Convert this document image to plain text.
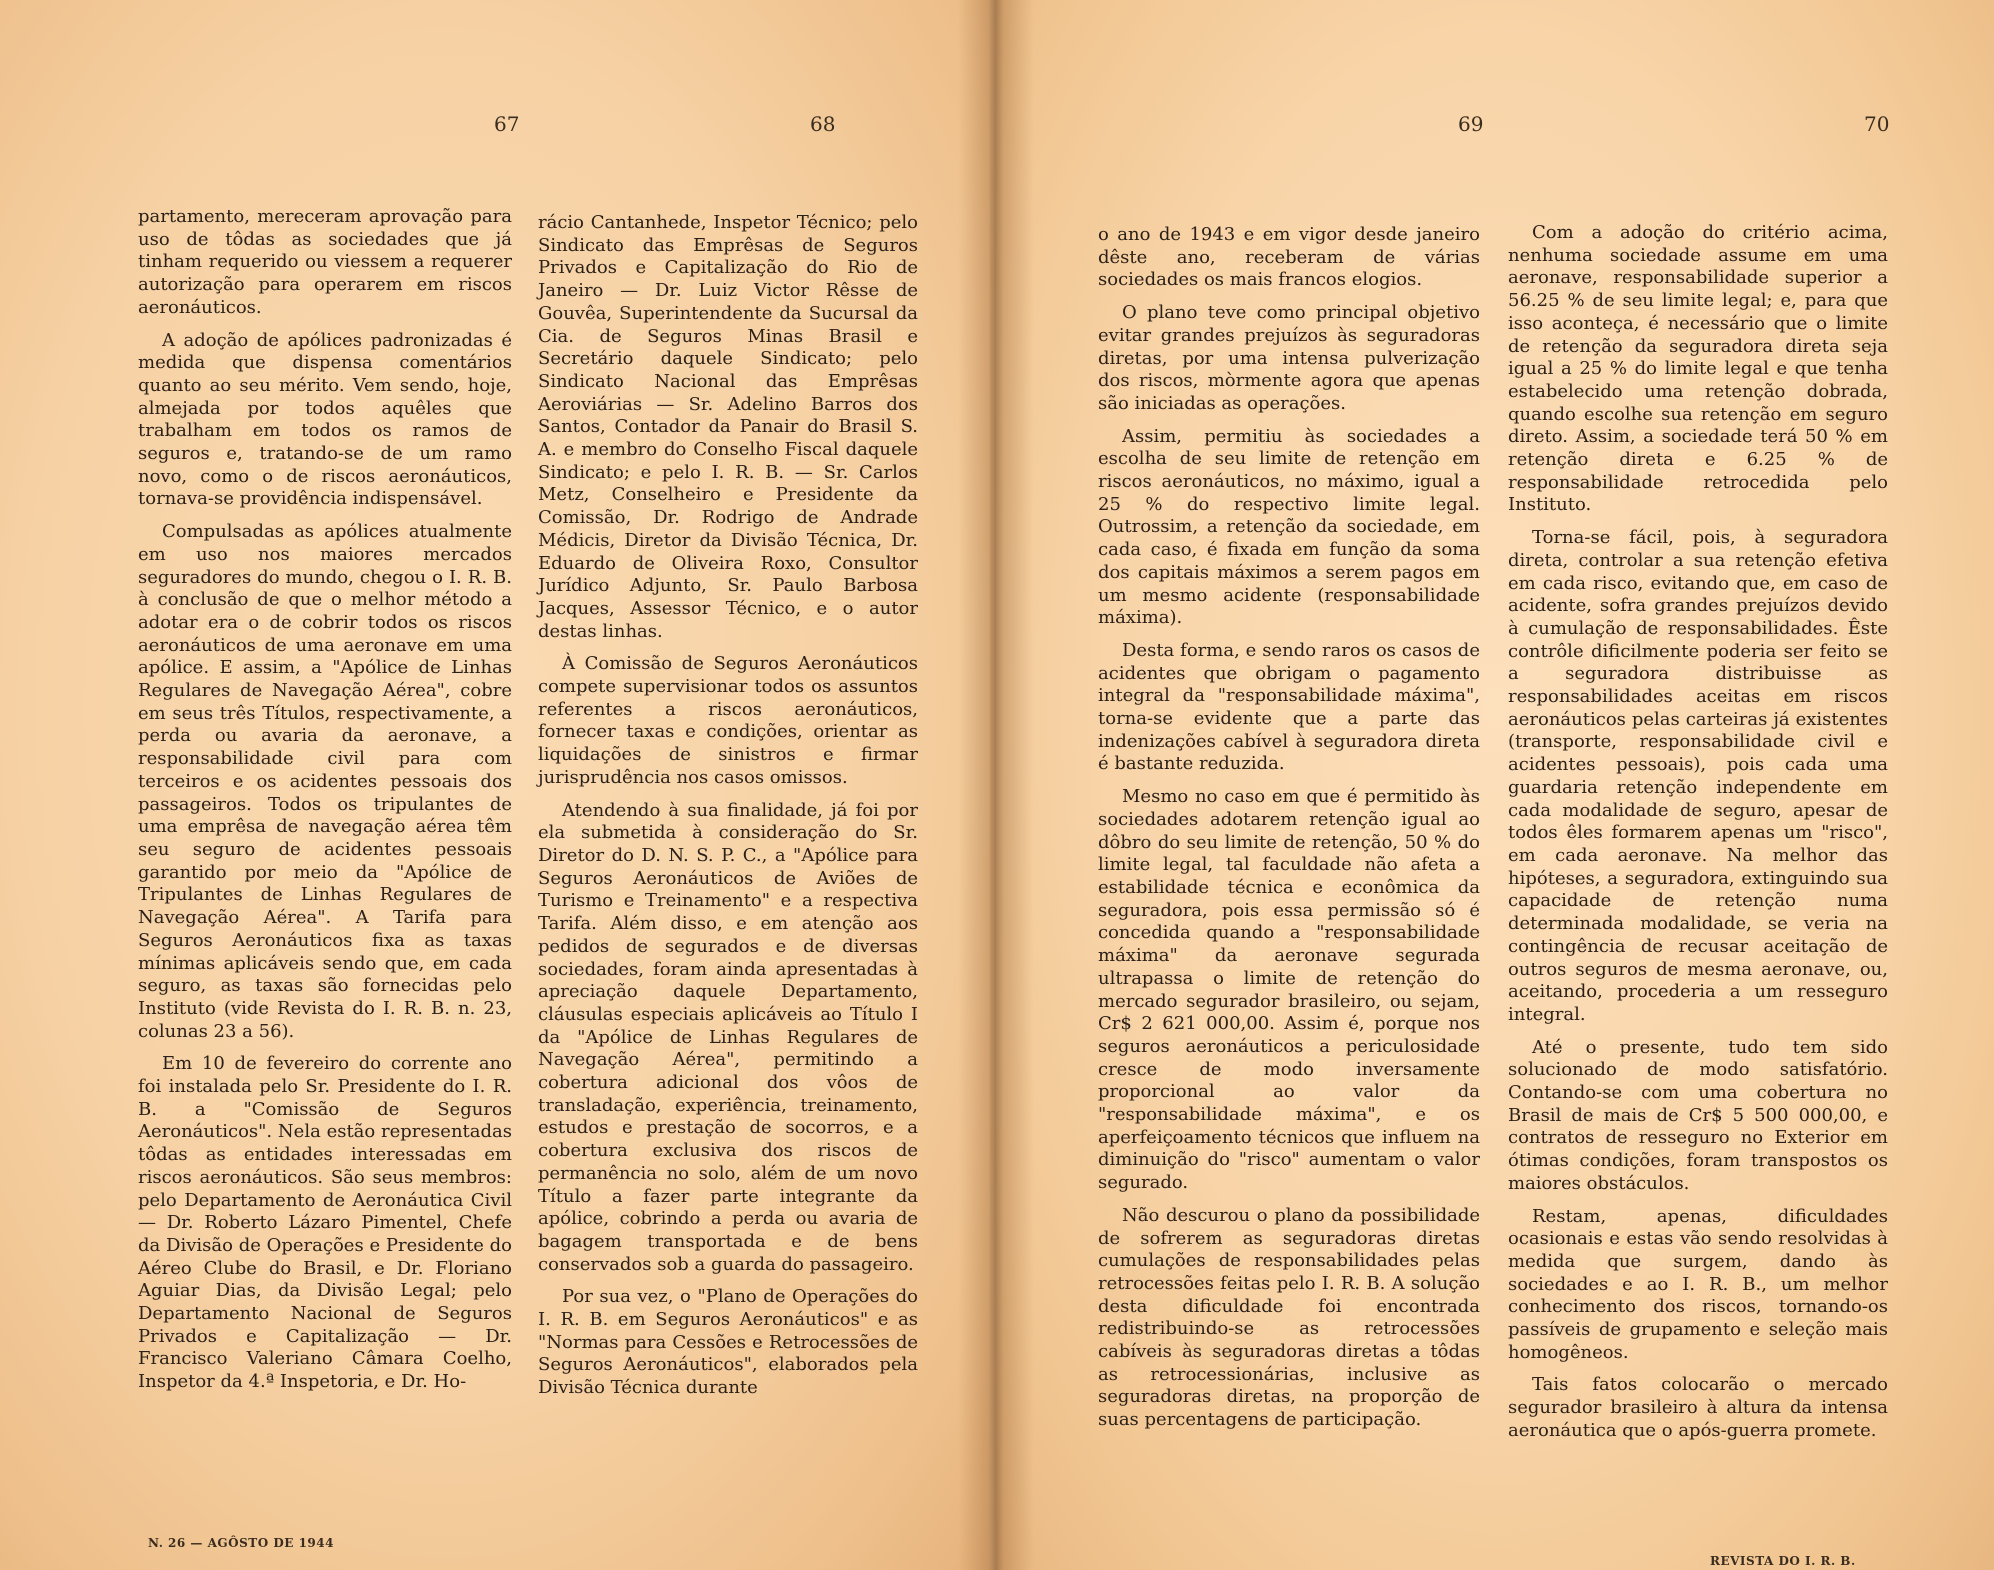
67

partamento, mereceram aprovação para uso de tôdas as sociedades que já tinham requerido ou viessem a requerer autorização para operarem em riscos aeronáuticos.

A adoção de apólices padronizadas é medida que dispensa comentários quanto ao seu mérito. Vem sendo, hoje, almejada por todos aquêles que trabalham em todos os ramos de seguros e, tratando-se de um ramo novo, como o de riscos aeronáuticos, tornava-se providência indispensável.

Compulsadas as apólices atualmente em uso nos maiores mercados seguradores do mundo, chegou o I. R. B. à conclusão de que o melhor método a adotar era o de cobrir todos os riscos aeronáuticos de uma aeronave em uma apólice. E assim, a "Apólice de Linhas Regulares de Navegação Aérea", cobre em seus três Títulos, respectivamente, a perda ou avaria da aeronave, a responsabilidade civil para com terceiros e os acidentes pessoais dos passageiros. Todos os tripulantes de uma emprêsa de navegação aérea têm seu seguro de acidentes pessoais garantido por meio da "Apólice de Tripulantes de Linhas Regulares de Navegação Aérea". A Tarifa para Seguros Aeronáuticos fixa as taxas mínimas aplicáveis sendo que, em cada seguro, as taxas são fornecidas pelo Instituto (vide Revista do I. R. B. n. 23, colunas 23 a 56).

Em 10 de fevereiro do corrente ano foi instalada pelo Sr. Presidente do I. R. B. a "Comissão de Seguros Aeronáuticos". Nela estão representadas tôdas as entidades interessadas em riscos aeronáuticos. São seus membros: pelo Departamento de Aeronáutica Civil — Dr. Roberto Lázaro Pimentel, Chefe da Divisão de Operações e Presidente do Aéreo Clube do Brasil, e Dr. Floriano Aguiar Dias, da Divisão Legal; pelo Departamento Nacional de Seguros Privados e Capitalização — Dr. Francisco Valeriano Câmara Coelho, Inspetor da 4.ª Inspetoria, e Dr. Ho-

N. 26 — AGÔSTO DE 1944
68

rácio Cantanhede, Inspetor Técnico; pelo Sindicato das Emprêsas de Seguros Privados e Capitalização do Rio de Janeiro — Dr. Luiz Victor Rêsse de Gouvêa, Superintendente da Sucursal da Cia. de Seguros Minas Brasil e Secretário daquele Sindicato; pelo Sindicato Nacional das Emprêsas Aeroviárias — Sr. Adelino Barros dos Santos, Contador da Panair do Brasil S. A. e membro do Conselho Fiscal daquele Sindicato; e pelo I. R. B. — Sr. Carlos Metz, Conselheiro e Presidente da Comissão, Dr. Rodrigo de Andrade Médicis, Diretor da Divisão Técnica, Dr. Eduardo de Oliveira Roxo, Consultor Jurídico Adjunto, Sr. Paulo Barbosa Jacques, Assessor Técnico, e o autor destas linhas.

À Comissão de Seguros Aeronáuticos compete supervisionar todos os assuntos referentes a riscos aeronáuticos, fornecer taxas e condições, orientar as liquidações de sinistros e firmar jurisprudência nos casos omissos.

Atendendo à sua finalidade, já foi por ela submetida à consideração do Sr. Diretor do D. N. S. P. C., a "Apólice para Seguros Aeronáuticos de Aviões de Turismo e Treinamento" e a respectiva Tarifa. Além disso, e em atenção aos pedidos de segurados e de diversas sociedades, foram ainda apresentadas à apreciação daquele Departamento, cláusulas especiais aplicáveis ao Título I da "Apólice de Linhas Regulares de Navegação Aérea", permitindo a cobertura adicional dos vôos de transladação, experiência, treinamento, estudos e prestação de socorros, e a cobertura exclusiva dos riscos de permanência no solo, além de um novo Título a fazer parte integrante da apólice, cobrindo a perda ou avaria de bagagem transportada e de bens conservados sob a guarda do passageiro.

Por sua vez, o "Plano de Operações do I. R. B. em Seguros Aeronáuticos" e as "Normas para Cessões e Retrocessões de Seguros Aeronáuticos", elaborados pela Divisão Técnica durante

69

o ano de 1943 e em vigor desde janeiro dêste ano, receberam de várias sociedades os mais francos elogios.

O plano teve como principal objetivo evitar grandes prejuízos às seguradoras diretas, por uma intensa pulverização dos riscos, mòrmente agora que apenas são iniciadas as operações.

Assim, permitiu às sociedades a escolha de seu limite de retenção em riscos aeronáuticos, no máximo, igual a 25 % do respectivo limite legal. Outrossim, a retenção da sociedade, em cada caso, é fixada em função da soma dos capitais máximos a serem pagos em um mesmo acidente (responsabilidade máxima).

Desta forma, e sendo raros os casos de acidentes que obrigam o pagamento integral da "responsabilidade máxima", torna-se evidente que a parte das indenizações cabível à seguradora direta é bastante reduzida.

Mesmo no caso em que é permitido às sociedades adotarem retenção igual ao dôbro do seu limite de retenção, 50 % do limite legal, tal faculdade não afeta a estabilidade técnica e econômica da seguradora, pois essa permissão só é concedida quando a "responsabilidade máxima" da aeronave segurada ultrapassa o limite de retenção do mercado segurador brasileiro, ou sejam, Cr$ 2 621 000,00. Assim é, porque nos seguros aeronáuticos a periculosidade cresce de modo inversamente proporcional ao valor da "responsabilidade máxima", e os aperfeiçoamento técnicos que influem na diminuição do "risco" aumentam o valor segurado.

Não descurou o plano da possibilidade de sofrerem as seguradoras diretas cumulações de responsabilidades pelas retrocessões feitas pelo I. R. B. A solução desta dificuldade foi encontrada redistribuindo-se as retrocessões cabíveis às seguradoras diretas a tôdas as retrocessionárias, inclusive as seguradoras diretas, na proporção de suas percentagens de participação.

70

Com a adoção do critério acima, nenhuma sociedade assume em uma aeronave, responsabilidade superior a 56.25 % de seu limite legal; e, para que isso aconteça, é necessário que o limite de retenção da seguradora direta seja igual a 25 % do limite legal e que tenha estabelecido uma retenção dobrada, quando escolhe sua retenção em seguro direto. Assim, a sociedade terá 50 % em retenção direta e 6.25 % de responsabilidade retrocedida pelo Instituto.

Torna-se fácil, pois, à seguradora direta, controlar a sua retenção efetiva em cada risco, evitando que, em caso de acidente, sofra grandes prejuízos devido à cumulação de responsabilidades. Êste contrôle dificilmente poderia ser feito se a seguradora distribuisse as responsabilidades aceitas em riscos aeronáuticos pelas carteiras já existentes (transporte, responsabilidade civil e acidentes pessoais), pois cada uma guardaria retenção independente em cada modalidade de seguro, apesar de todos êles formarem apenas um "risco", em cada aeronave. Na melhor das hipóteses, a seguradora, extinguindo sua capacidade de retenção numa determinada modalidade, se veria na contingência de recusar aceitação de outros seguros de mesma aeronave, ou, aceitando, procederia a um resseguro integral.

Até o presente, tudo tem sido solucionado de modo satisfatório. Contando-se com uma cobertura no Brasil de mais de Cr$ 5 500 000,00, e contratos de resseguro no Exterior em ótimas condições, foram transpostos os maiores obstáculos.

Restam, apenas, dificuldades ocasionais e estas vão sendo resolvidas à medida que surgem, dando às sociedades e ao I. R. B., um melhor conhecimento dos riscos, tornando-os passíveis de grupamento e seleção mais homogêneos.

Tais fatos colocarão o mercado segurador brasileiro à altura da intensa aeronáutica que o após-guerra promete.

REVISTA DO I. R. B.
